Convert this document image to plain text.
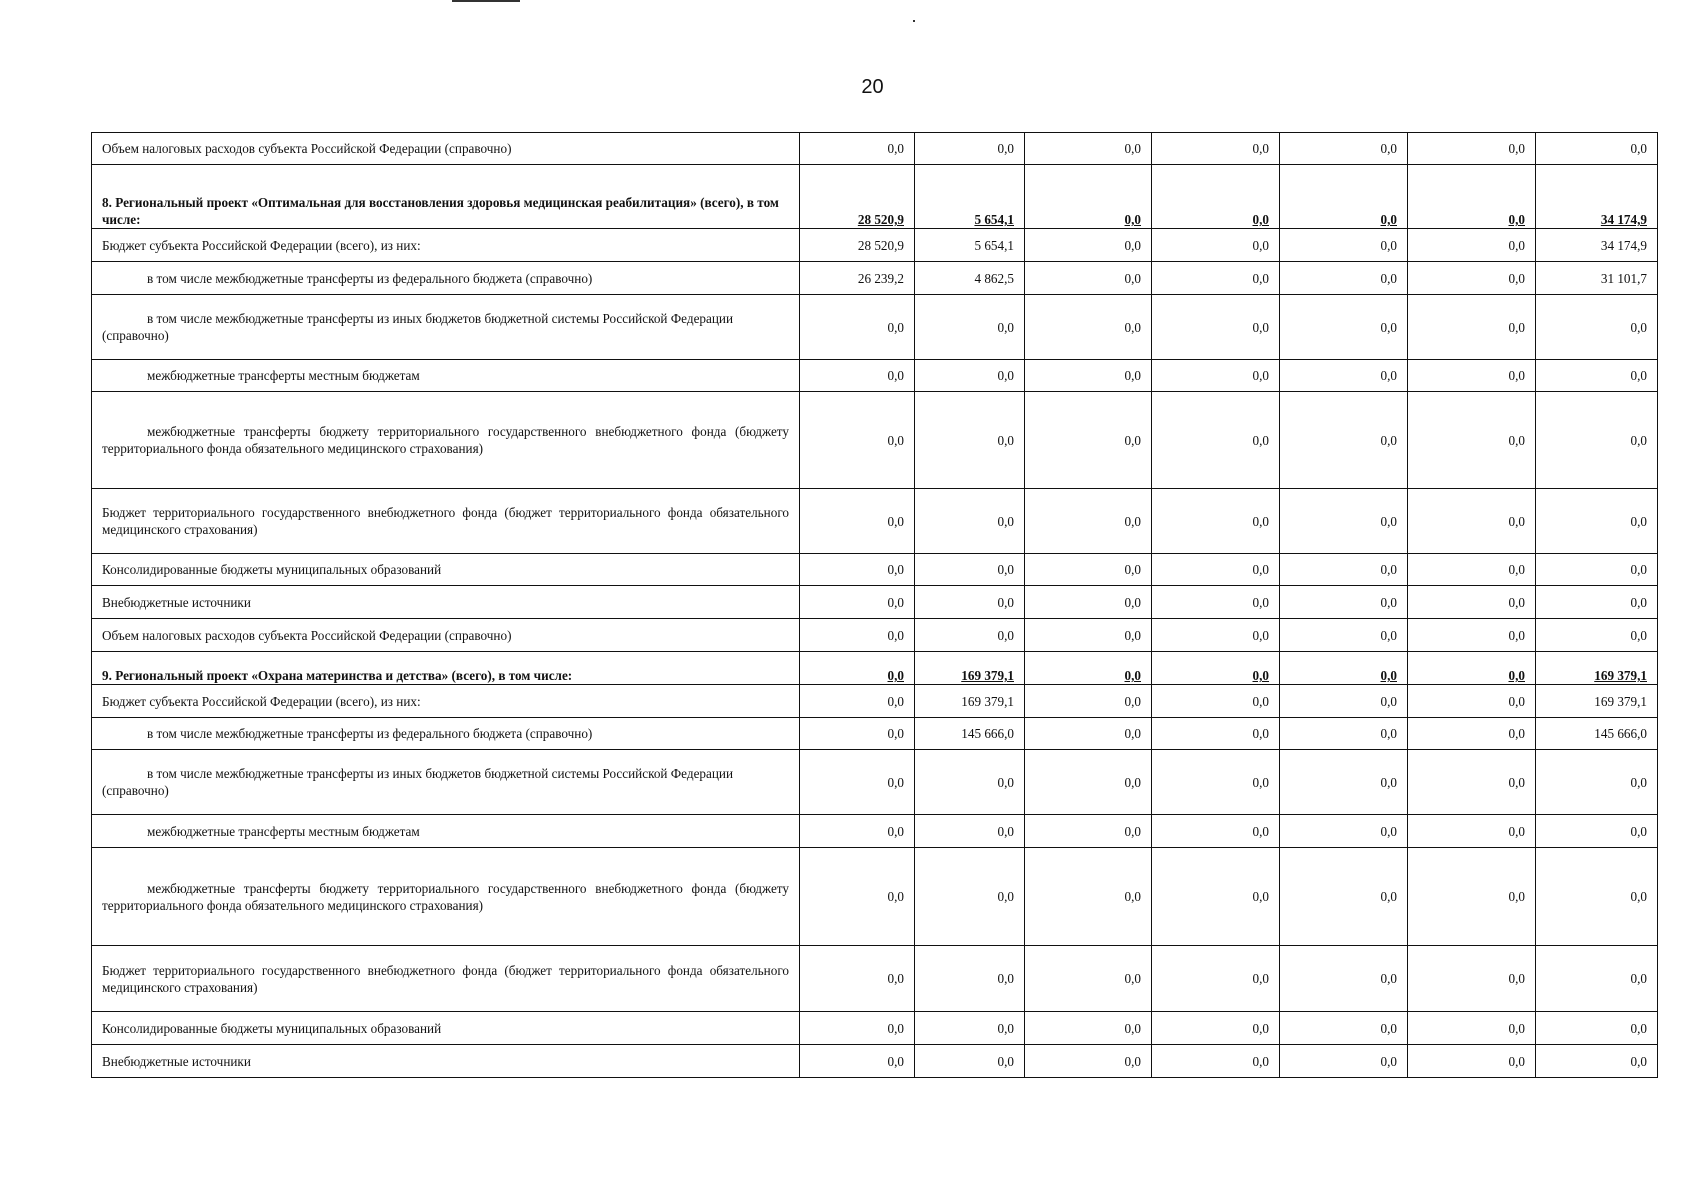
20
Объем налоговых расходов субъекта Российской Федерации (справочно)	0,0	0,0	0,0	0,0	0,0	0,0	0,0
8. Региональный проект «Оптимальная для восстановления здоровья медицинская реабилитация» (всего), в том числе:	28 520,9	5 654,1	0,0	0,0	0,0	0,0	34 174,9
Бюджет субъекта Российской Федерации (всего), из них:	28 520,9	5 654,1	0,0	0,0	0,0	0,0	34 174,9
в том числе межбюджетные трансферты из федерального бюджета (справочно)	26 239,2	4 862,5	0,0	0,0	0,0	0,0	31 101,7
в том числе межбюджетные трансферты из иных бюджетов бюджетной системы Российской Федерации (справочно)	0,0	0,0	0,0	0,0	0,0	0,0	0,0
межбюджетные трансферты местным бюджетам	0,0	0,0	0,0	0,0	0,0	0,0	0,0
межбюджетные трансферты бюджету территориального государственного внебюджетного фонда (бюджету территориального фонда обязательного медицинского страхования)	0,0	0,0	0,0	0,0	0,0	0,0	0,0
Бюджет территориального государственного внебюджетного фонда (бюджет территориального фонда обязательного медицинского страхования)	0,0	0,0	0,0	0,0	0,0	0,0	0,0
Консолидированные бюджеты муниципальных образований	0,0	0,0	0,0	0,0	0,0	0,0	0,0
Внебюджетные источники	0,0	0,0	0,0	0,0	0,0	0,0	0,0
Объем налоговых расходов субъекта Российской Федерации (справочно)	0,0	0,0	0,0	0,0	0,0	0,0	0,0
9. Региональный проект «Охрана материнства и детства» (всего), в том числе:	0,0	169 379,1	0,0	0,0	0,0	0,0	169 379,1
Бюджет субъекта Российской Федерации (всего), из них:	0,0	169 379,1	0,0	0,0	0,0	0,0	169 379,1
в том числе межбюджетные трансферты из федерального бюджета (справочно)	0,0	145 666,0	0,0	0,0	0,0	0,0	145 666,0
в том числе межбюджетные трансферты из иных бюджетов бюджетной системы Российской Федерации (справочно)	0,0	0,0	0,0	0,0	0,0	0,0	0,0
межбюджетные трансферты местным бюджетам	0,0	0,0	0,0	0,0	0,0	0,0	0,0
межбюджетные трансферты бюджету территориального государственного внебюджетного фонда (бюджету территориального фонда обязательного медицинского страхования)	0,0	0,0	0,0	0,0	0,0	0,0	0,0
Бюджет территориального государственного внебюджетного фонда (бюджет территориального фонда обязательного медицинского страхования)	0,0	0,0	0,0	0,0	0,0	0,0	0,0
Консолидированные бюджеты муниципальных образований	0,0	0,0	0,0	0,0	0,0	0,0	0,0
Внебюджетные источники	0,0	0,0	0,0	0,0	0,0	0,0	0,0
